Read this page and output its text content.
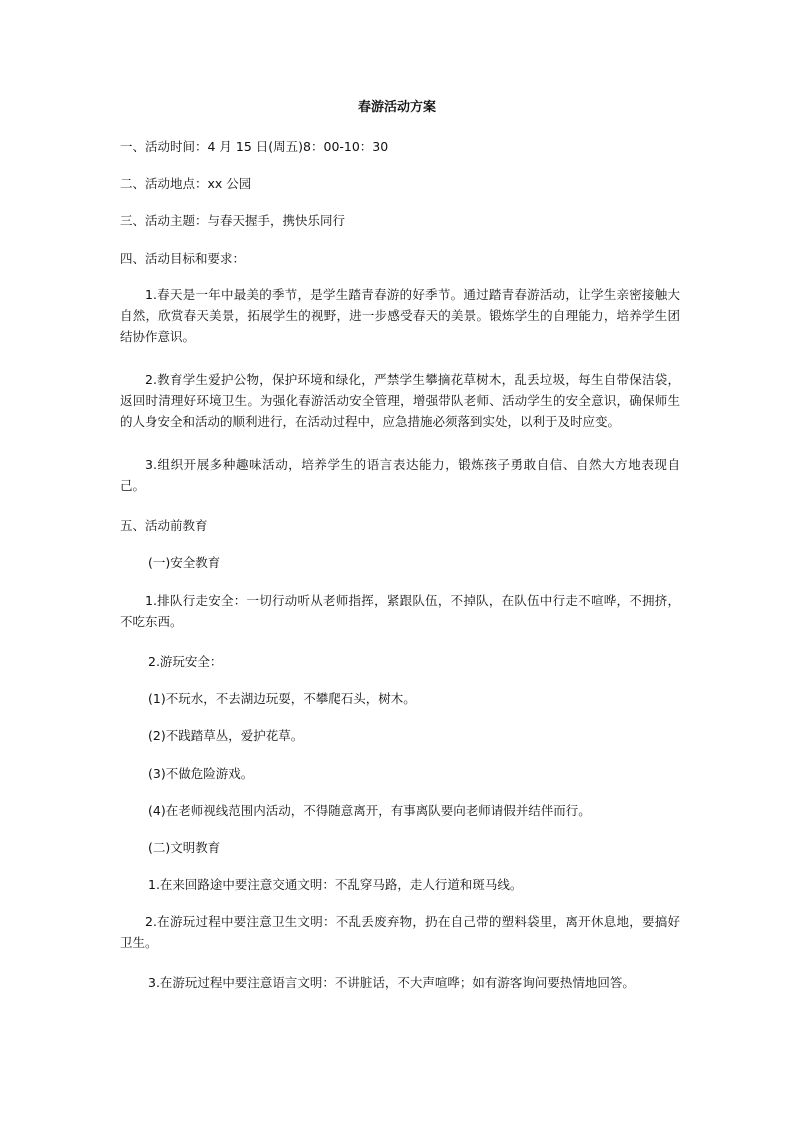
春游活动方案
一、活动时间：4 月 15 日(周五)8：00-10：30
二、活动地点：xx 公园
三、活动主题：与春天握手，携快乐同行
四、活动目标和要求：
1.春天是一年中最美的季节，是学生踏青春游的好季节。通过踏青春游活动，让学生亲密接触大自然，欣赏春天美景，拓展学生的视野，进一步感受春天的美景。锻炼学生的自理能力，培养学生团结协作意识。
2.教育学生爱护公物，保护环境和绿化，严禁学生攀摘花草树木，乱丢垃圾，每生自带保洁袋，返回时清理好环境卫生。为强化春游活动安全管理，增强带队老师、活动学生的安全意识，确保师生的人身安全和活动的顺利进行，在活动过程中，应急措施必须落到实处，以利于及时应变。
3.组织开展多种趣味活动，培养学生的语言表达能力，锻炼孩子勇敢自信、自然大方地表现自己。
五、活动前教育
(一)安全教育
1.排队行走安全：一切行动听从老师指挥，紧跟队伍，不掉队，在队伍中行走不喧哗，不拥挤，不吃东西。
2.游玩安全：
(1)不玩水，不去湖边玩耍，不攀爬石头，树木。
(2)不践踏草丛，爱护花草。
(3)不做危险游戏。
(4)在老师视线范围内活动，不得随意离开，有事离队要向老师请假并结伴而行。
(二)文明教育
1.在来回路途中要注意交通文明：不乱穿马路，走人行道和斑马线。
2.在游玩过程中要注意卫生文明：不乱丢废弃物，扔在自己带的塑料袋里，离开休息地，要搞好卫生。
3.在游玩过程中要注意语言文明：不讲脏话，不大声喧哗；如有游客询问要热情地回答。
